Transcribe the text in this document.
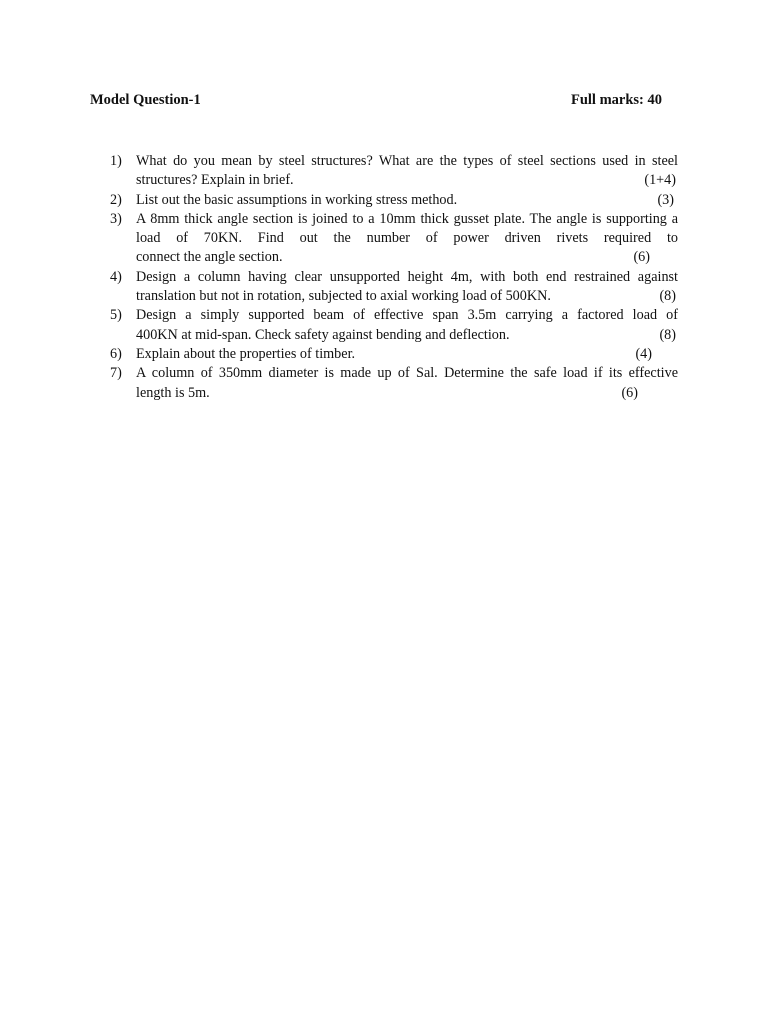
Model Question-1	Full marks: 40
1) What do you mean by steel structures? What are the types of steel sections used in steel
structures? Explain in brief.	(1+4)
2) List out the basic assumptions in working stress method.	(3)
3) A 8mm thick angle section is joined to a 10mm thick gusset plate. The angle is supporting a load of 70KN. Find out the number of power driven rivets required to
connect the angle section.	(6)
4) Design a column having clear unsupported height 4m, with both end restrained against
translation but not in rotation, subjected to axial working load of 500KN.	(8)
5) Design a simply supported beam of effective span 3.5m carrying a factored load of
400KN at mid-span. Check safety against bending and deflection.	(8)
6) Explain about the properties of timber.	(4)
7) A column of 350mm diameter is made up of Sal. Determine the safe load if its effective
length is 5m.	(6)
